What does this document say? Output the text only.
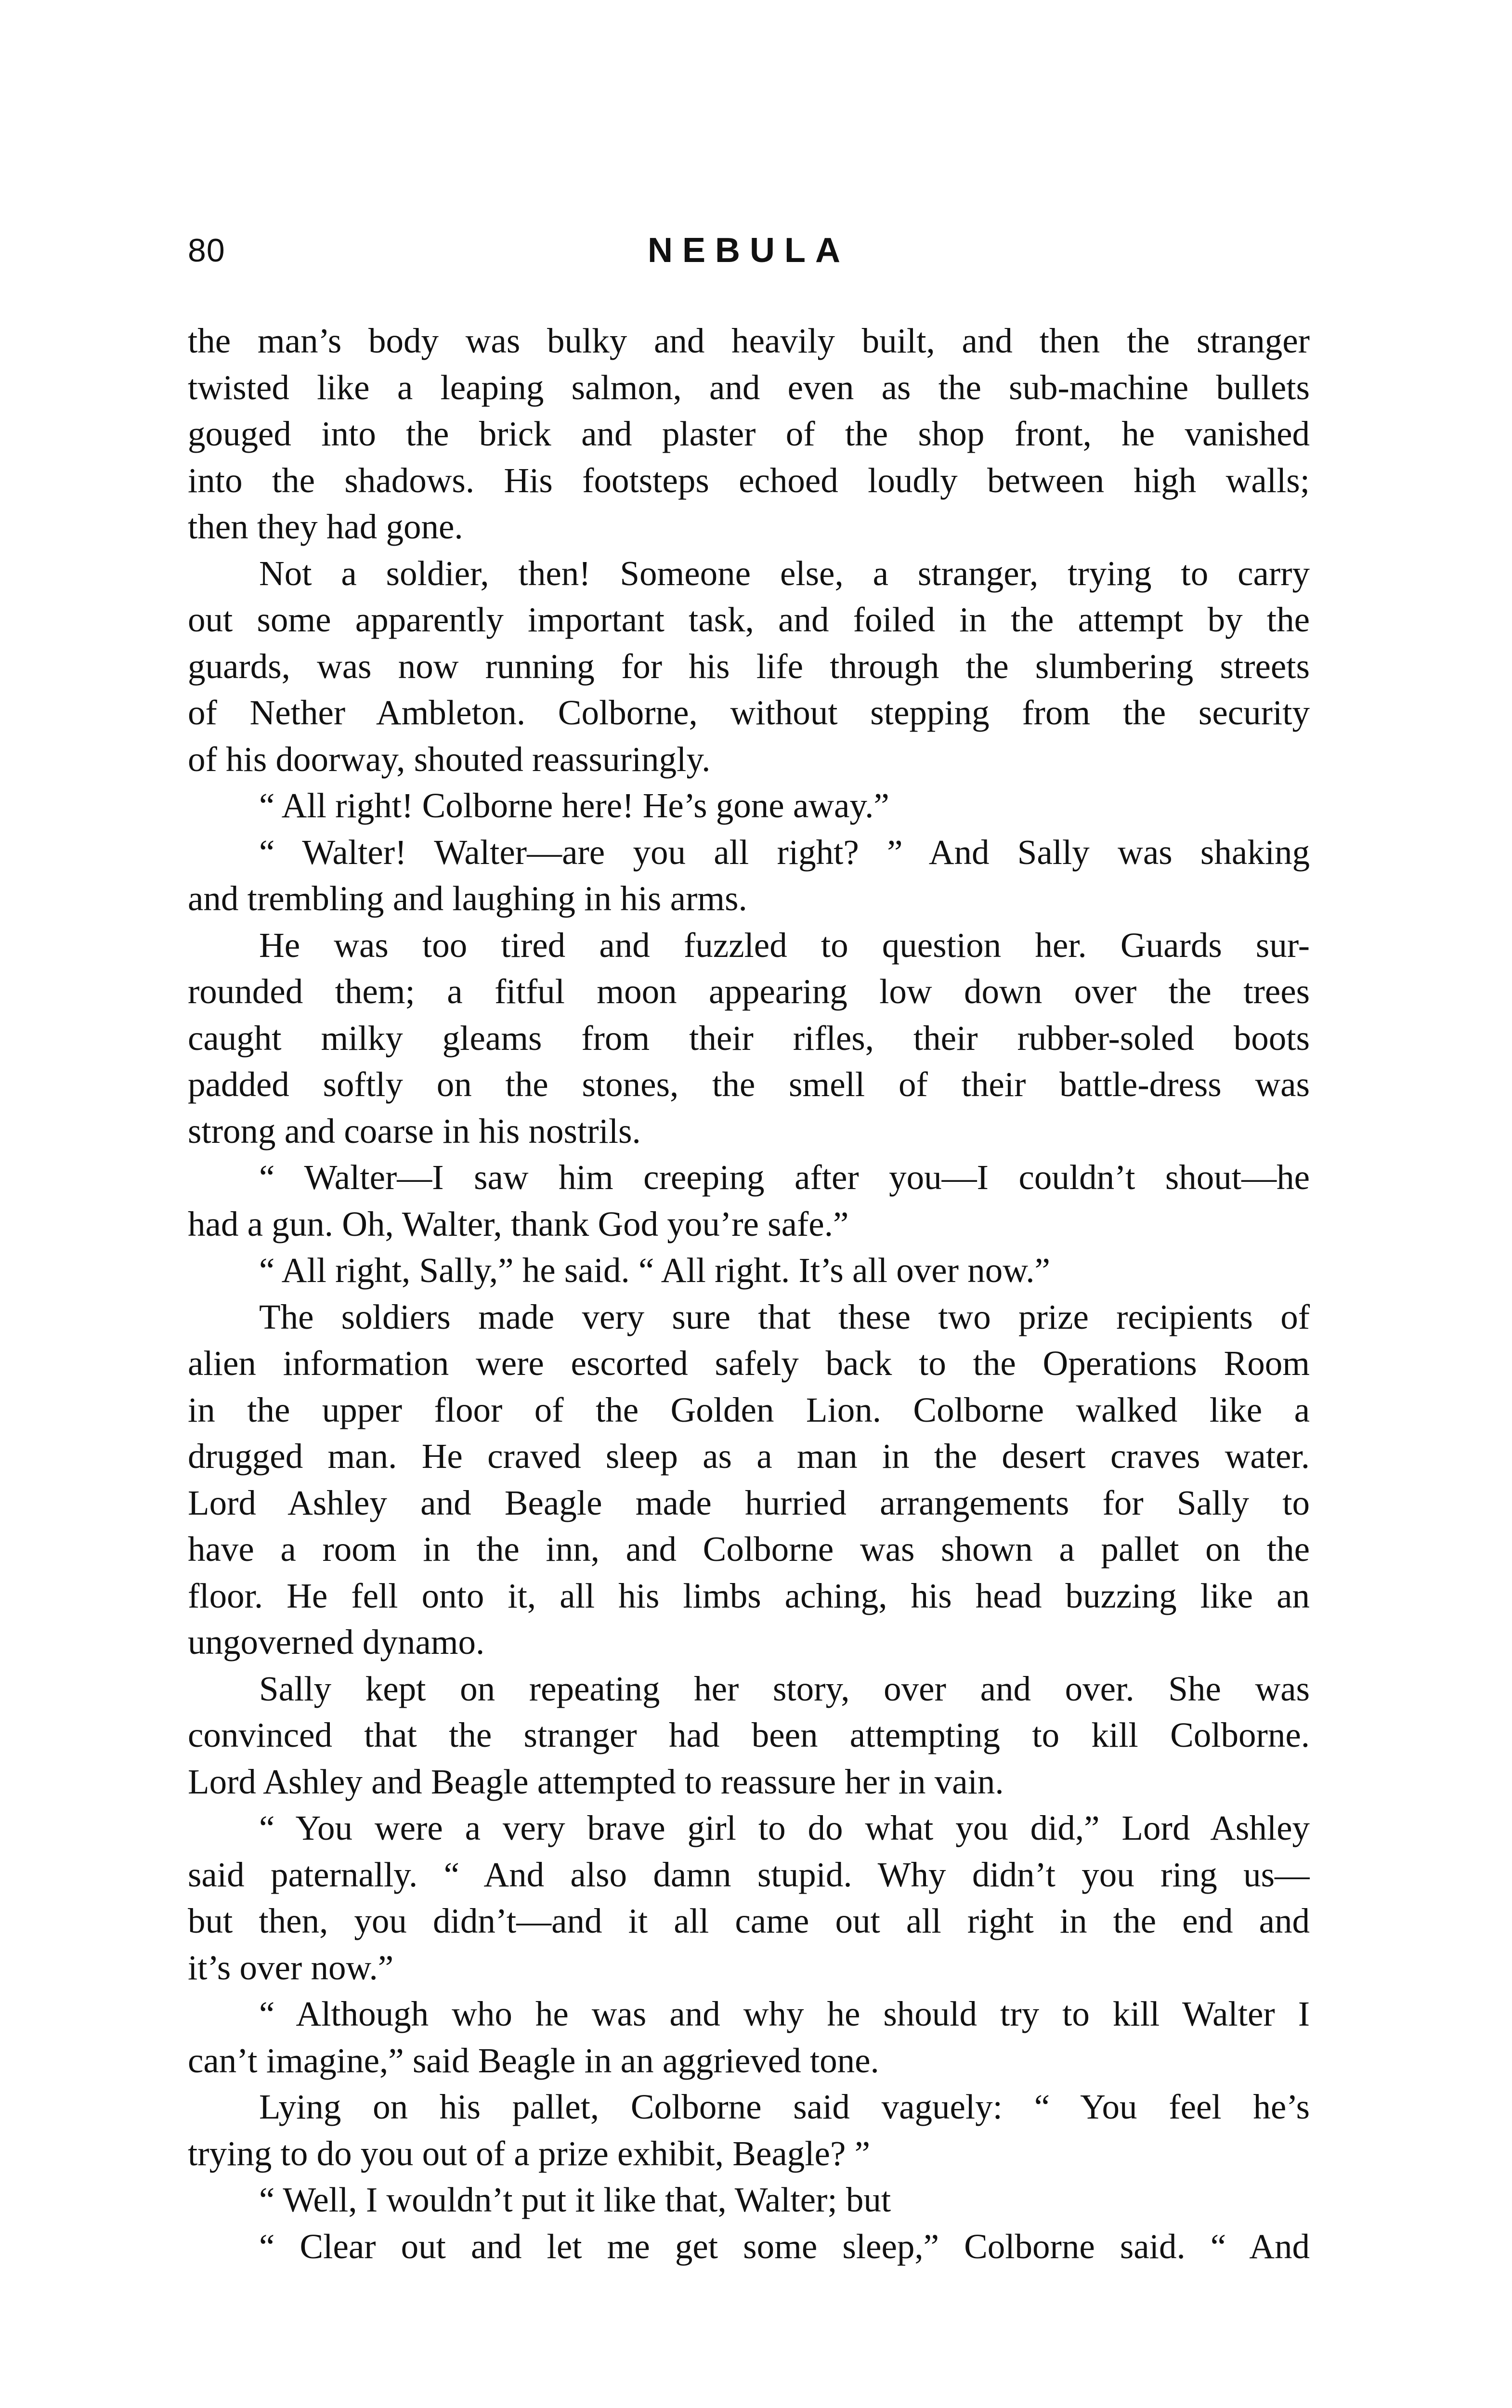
80	NEBULA
the man’s body was bulky and heavily built, and then the stranger
twisted like a leaping salmon, and even as the sub-machine bullets
gouged into the brick and plaster of the shop front, he vanished
into the shadows. His footsteps echoed loudly between high walls;
then they had gone.
Not a soldier, then! Someone else, a stranger, trying to carry
out some apparently important task, and foiled in the attempt by the
guards, was now running for his life through the slumbering streets
of Nether Ambleton. Colborne, without stepping from the security
of his doorway, shouted reassuringly.
“ All right! Colborne here! He’s gone away.”
“ Walter! Walter—are you all right? ” And Sally was shaking
and trembling and laughing in his arms.
He was too tired and fuzzled to question her. Guards sur-
rounded them; a fitful moon appearing low down over the trees
caught milky gleams from their rifles, their rubber-soled boots
padded softly on the stones, the smell of their battle-dress was
strong and coarse in his nostrils.
“ Walter—I saw him creeping after you—I couldn’t shout—he
had a gun. Oh, Walter, thank God you’re safe.”
“ All right, Sally,” he said. “ All right. It’s all over now.”
The soldiers made very sure that these two prize recipients of
alien information were escorted safely back to the Operations Room
in the upper floor of the Golden Lion. Colborne walked like a
drugged man. He craved sleep as a man in the desert craves water.
Lord Ashley and Beagle made hurried arrangements for Sally to
have a room in the inn, and Colborne was shown a pallet on the
floor. He fell onto it, all his limbs aching, his head buzzing like an
ungoverned dynamo.
Sally kept on repeating her story, over and over. She was
convinced that the stranger had been attempting to kill Colborne.
Lord Ashley and Beagle attempted to reassure her in vain.
“ You were a very brave girl to do what you did,” Lord Ashley
said paternally. “ And also damn stupid. Why didn’t you ring us—
but then, you didn’t—and it all came out all right in the end and
it’s over now.”
“ Although who he was and why he should try to kill Walter I
can’t imagine,” said Beagle in an aggrieved tone.
Lying on his pallet, Colborne said vaguely: “ You feel he’s
trying to do you out of a prize exhibit, Beagle? ”
“ Well, I wouldn’t put it like that, Walter; but
“ Clear out and let me get some sleep,” Colborne said. “ And
